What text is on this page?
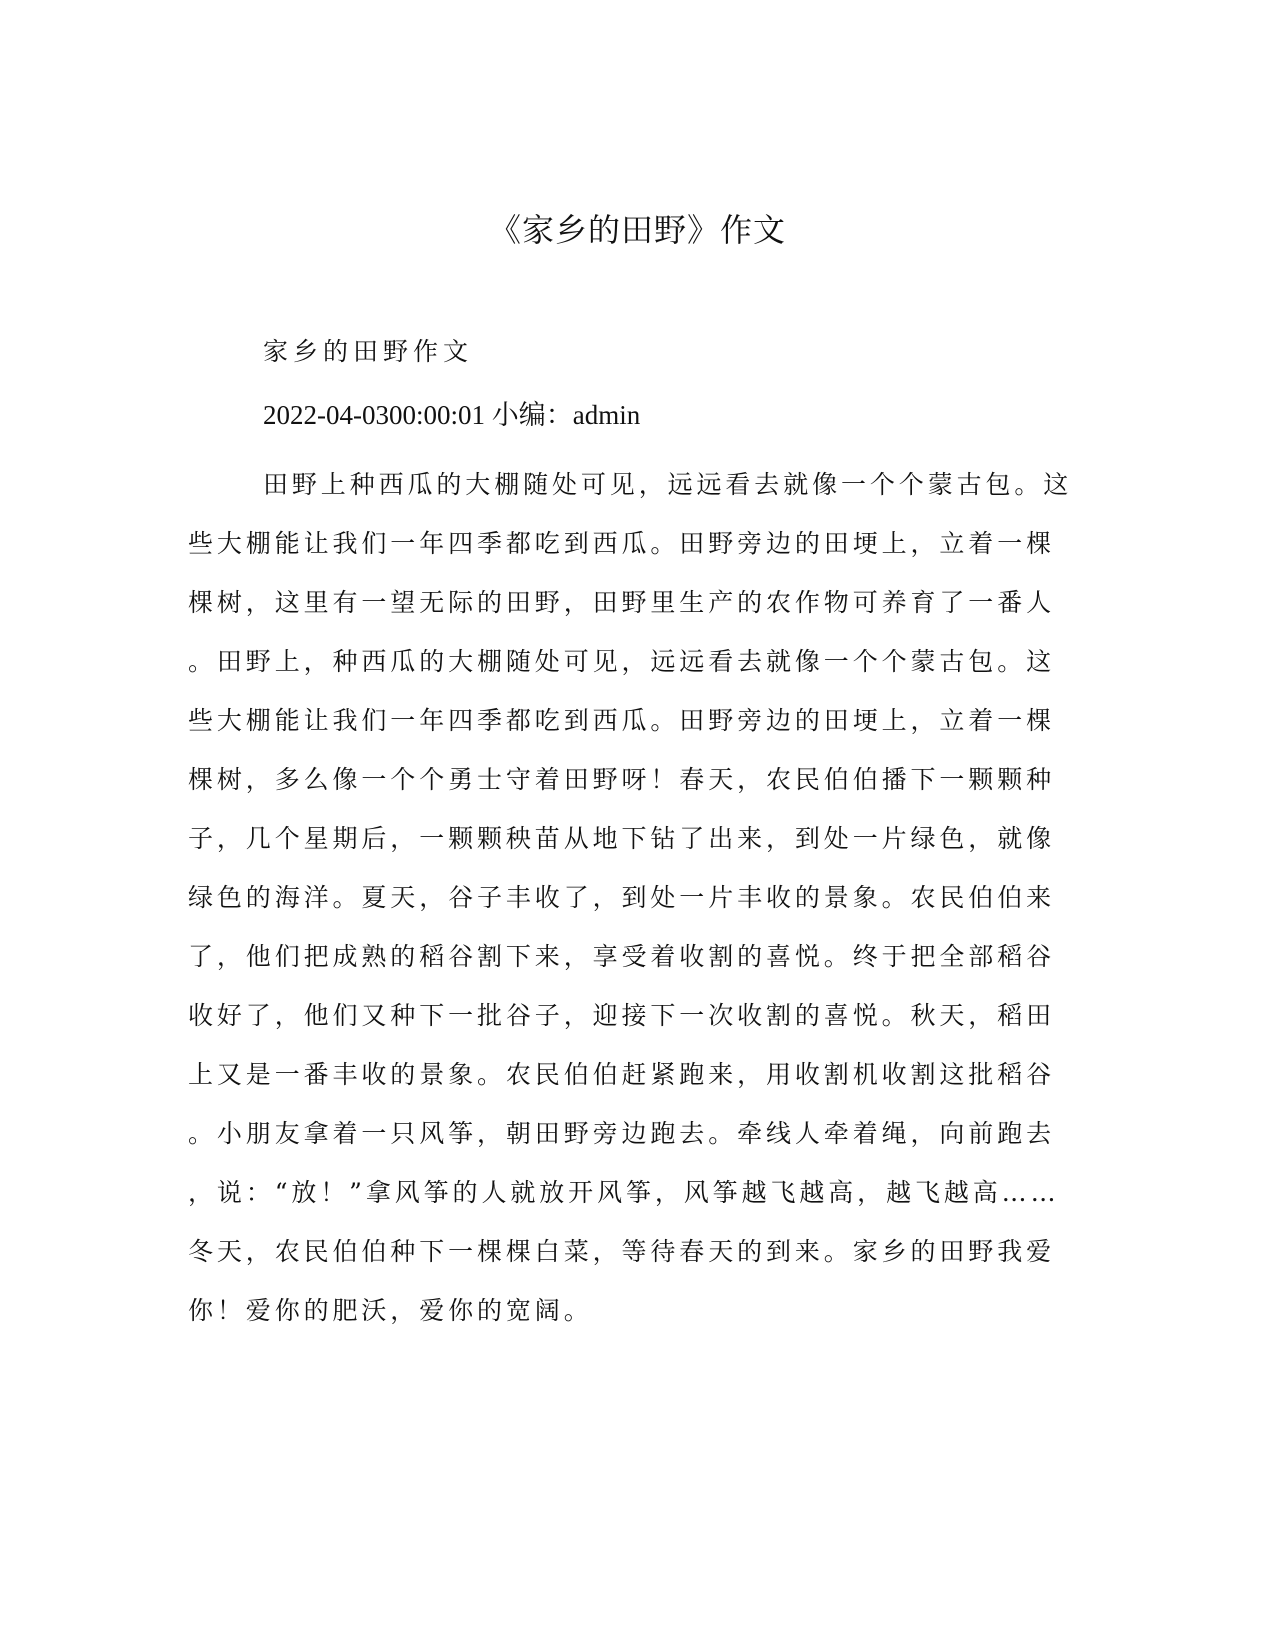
《家乡的田野》作文
家乡的田野作文
2022-04-0300:00:01 小编：admin
田野上种西瓜的大棚随处可见，远远看去就像一个个蒙古包。这
些大棚能让我们一年四季都吃到西瓜。田野旁边的田埂上，立着一棵
棵树，这里有一望无际的田野，田野里生产的农作物可养育了一番人
。田野上，种西瓜的大棚随处可见，远远看去就像一个个蒙古包。这
些大棚能让我们一年四季都吃到西瓜。田野旁边的田埂上，立着一棵
棵树，多么像一个个勇士守着田野呀！春天，农民伯伯播下一颗颗种
子，几个星期后，一颗颗秧苗从地下钻了出来，到处一片绿色，就像
绿色的海洋。夏天，谷子丰收了，到处一片丰收的景象。农民伯伯来
了，他们把成熟的稻谷割下来，享受着收割的喜悦。终于把全部稻谷
收好了，他们又种下一批谷子，迎接下一次收割的喜悦。秋天，稻田
上又是一番丰收的景象。农民伯伯赶紧跑来，用收割机收割这批稻谷
。小朋友拿着一只风筝，朝田野旁边跑去。牵线人牵着绳，向前跑去
，说：“放！”拿风筝的人就放开风筝，风筝越飞越高，越飞越高……
冬天，农民伯伯种下一棵棵白菜，等待春天的到来。家乡的田野我爱
你！爱你的肥沃，爱你的宽阔。
